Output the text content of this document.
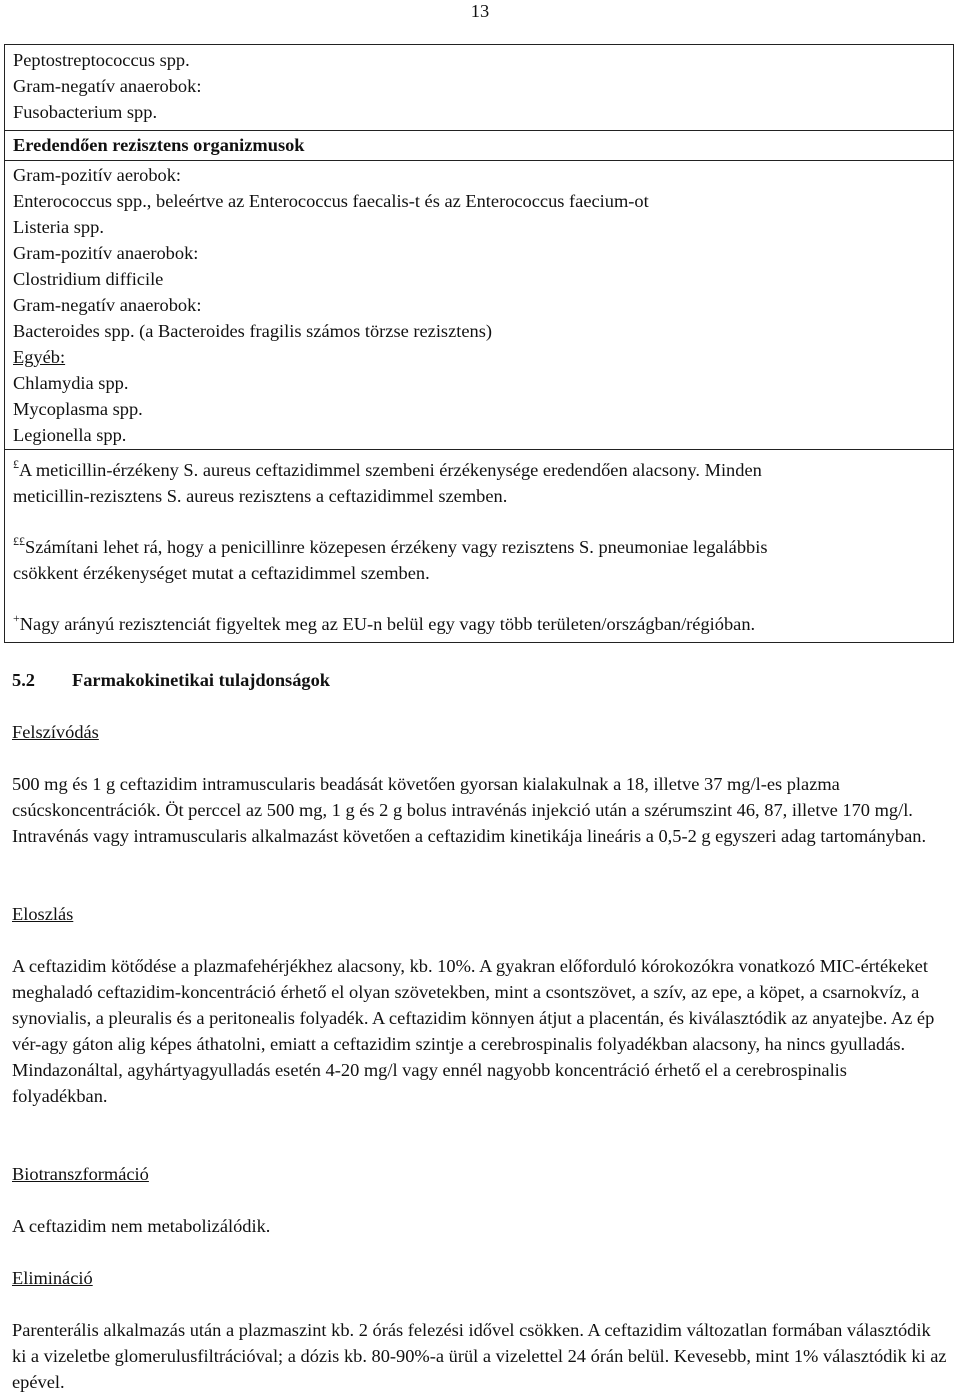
13
Peptostreptococcus spp.
Gram-negatív anaerobok:
Fusobacterium spp.
Eredendően rezisztens organizmusok
Gram-pozitív aerobok:
Enterococcus spp., beleértve az Enterococcus faecalis-t és az Enterococcus faecium-ot
Listeria spp.
Gram-pozitív anaerobok:
Clostridium difficile
Gram-negatív anaerobok:
Bacteroides spp. (a Bacteroides fragilis számos törzse rezisztens)
Egyéb:
Chlamydia spp.
Mycoplasma spp.
Legionella spp.
£A meticillin-érzékeny S. aureus ceftazidimmel szembeni érzékenysége eredendően alacsony. Minden
meticillin-rezisztens S. aureus rezisztens a ceftazidimmel szemben.
££Számítani lehet rá, hogy a penicillinre közepesen érzékeny vagy rezisztens S. pneumoniae legalábbis
csökkent érzékenységet mutat a ceftazidimmel szemben.
+Nagy arányú rezisztenciát figyeltek meg az EU-n belül egy vagy több területen/országban/régióban.
5.2 Farmakokinetikai tulajdonságok
Felszívódás

500 mg és 1 g ceftazidim intramuscularis beadását követően gyorsan kialakulnak a 18, illetve 37 mg/l-es plazma csúcskoncentrációk. Öt perccel az 500 mg, 1 g és 2 g bolus intravénás injekció után a szérumszint 46, 87, illetve 170 mg/l. Intravénás vagy intramuscularis alkalmazást követően a ceftazidim kinetikája lineáris a 0,5-2 g egyszeri adag tartományban.

Eloszlás

A ceftazidim kötődése a plazmafehérjékhez alacsony, kb. 10%. A gyakran előforduló kórokozókra vonatkozó MIC-értékeket meghaladó ceftazidim-koncentráció érhető el olyan szövetekben, mint a csontszövet, a szív, az epe, a köpet, a csarnokvíz, a synovialis, a pleuralis és a peritonealis folyadék. A ceftazidim könnyen átjut a placentán, és kiválasztódik az anyatejbe. Az ép vér-agy gáton alig képes áthatolni, emiatt a ceftazidim szintje a cerebrospinalis folyadékban alacsony, ha nincs gyulladás. Mindazonáltal, agyhártyagyulladás esetén 4-20 mg/l vagy ennél nagyobb koncentráció érhető el a cerebrospinalis folyadékban.

Biotranszformáció

A ceftazidim nem metabolizálódik.

Elimináció

Parenterális alkalmazás után a plazmaszint kb. 2 órás felezési idővel csökken. A ceftazidim változatlan formában választódik ki a vizeletbe glomerulusfiltrációval; a dózis kb. 80-90%-a ürül a vizelettel 24 órán belül. Kevesebb, mint 1% választódik ki az epével.
